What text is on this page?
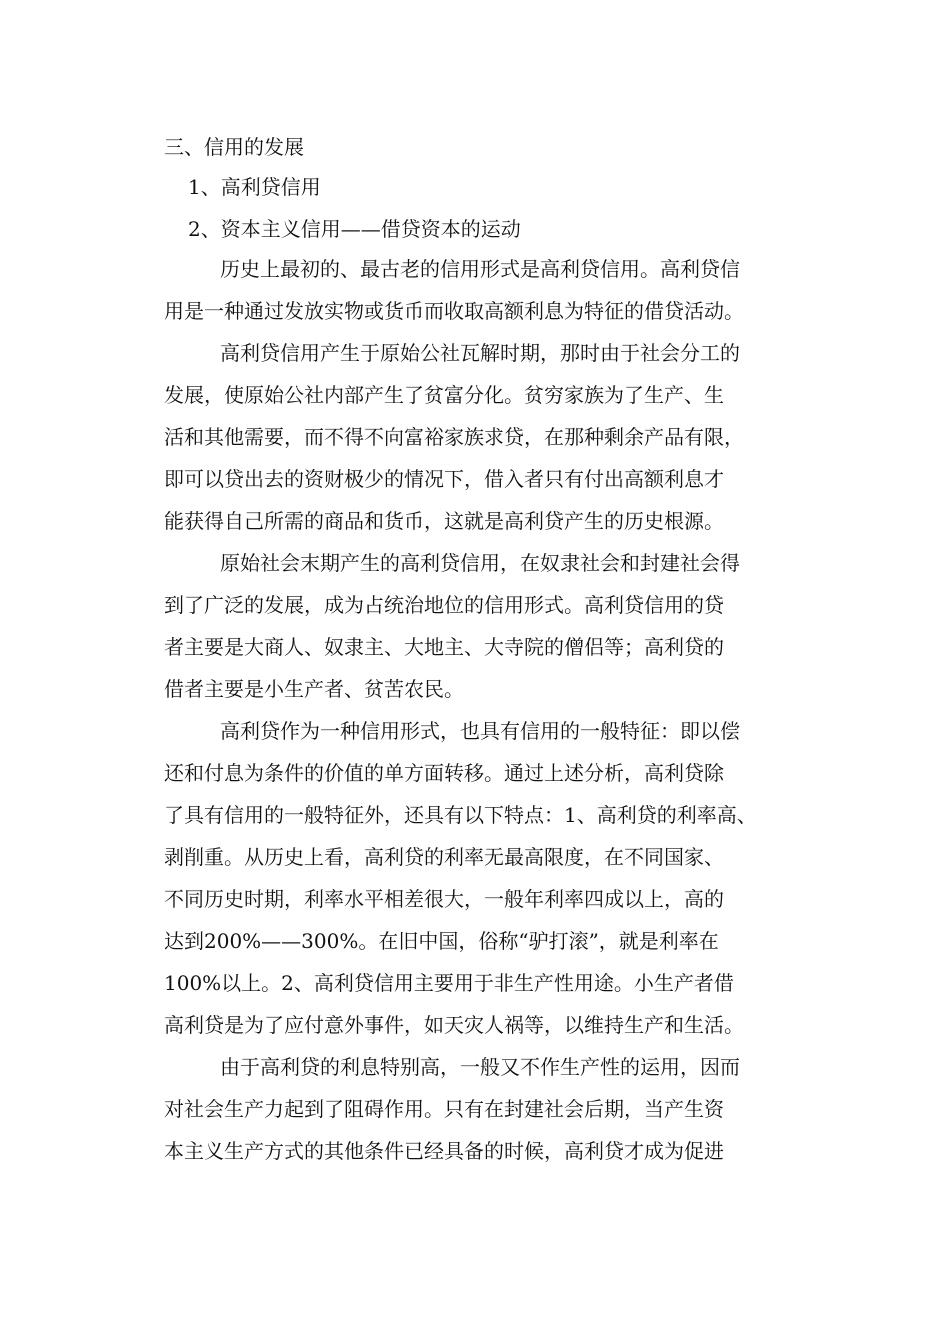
三、信用的发展

1、高利贷信用

2、资本主义信用——借贷资本的运动

历史上最初的、最古老的信用形式是高利贷信用。高利贷信

用是一种通过发放实物或货币而收取高额利息为特征的借贷活动。

高利贷信用产生于原始公社瓦解时期，那时由于社会分工的

发展，使原始公社内部产生了贫富分化。贫穷家族为了生产、生

活和其他需要，而不得不向富裕家族求贷，在那种剩余产品有限，

即可以贷出去的资财极少的情况下，借入者只有付出高额利息才

能获得自己所需的商品和货币，这就是高利贷产生的历史根源。

原始社会末期产生的高利贷信用，在奴隶社会和封建社会得

到了广泛的发展，成为占统治地位的信用形式。高利贷信用的贷

者主要是大商人、奴隶主、大地主、大寺院的僧侣等；高利贷的

借者主要是小生产者、贫苦农民。

高利贷作为一种信用形式，也具有信用的一般特征：即以偿

还和付息为条件的价值的单方面转移。通过上述分析，高利贷除

了具有信用的一般特征外，还具有以下特点：1、高利贷的利率高、

剥削重。从历史上看，高利贷的利率无最高限度，在不同国家、

不同历史时期，利率水平相差很大，一般年利率四成以上，高的

达到200%——300%。在旧中国，俗称“驴打滚”，就是利率在

100%以上。2、高利贷信用主要用于非生产性用途。小生产者借

高利贷是为了应付意外事件，如天灾人祸等，以维持生产和生活。

由于高利贷的利息特别高，一般又不作生产性的运用，因而

对社会生产力起到了阻碍作用。只有在封建社会后期，当产生资

本主义生产方式的其他条件已经具备的时候，高利贷才成为促进
